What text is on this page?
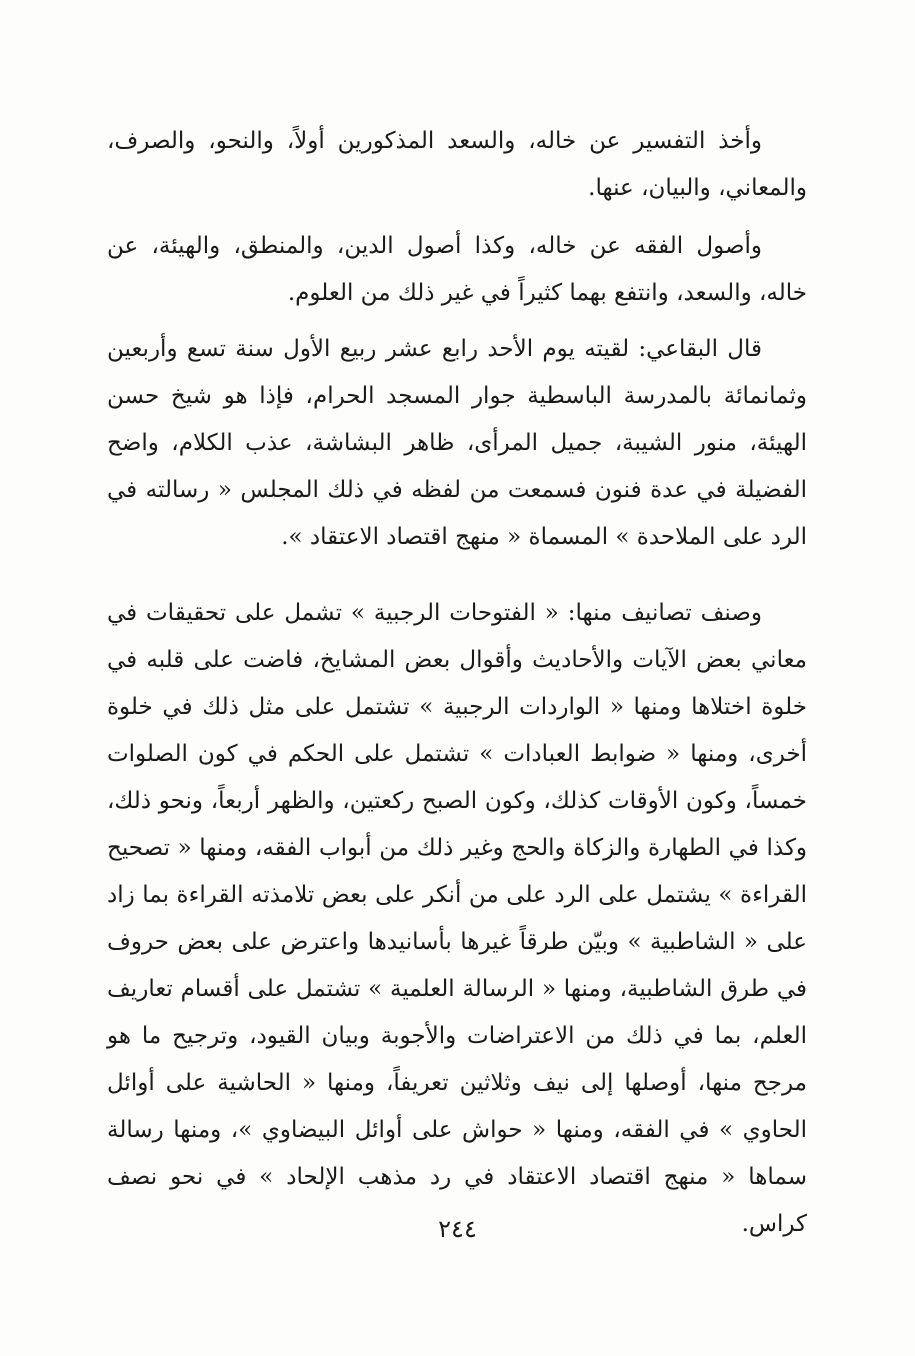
وأخذ التفسير عن خاله، والسعد المذكورين أولاً، والنحو، والصرف، والمعاني، والبيان، عنها.

وأصول الفقه عن خاله، وكذا أصول الدين، والمنطق، والهيئة، عن خاله، والسعد، وانتفع بهما كثيراً في غير ذلك من العلوم.

قال البقاعي: لقيته يوم الأحد رابع عشر ربيع الأول سنة تسع وأربعين وثمانمائة بالمدرسة الباسطية جوار المسجد الحرام، فإذا هو شيخ حسن الهيئة، منور الشيبة، جميل المرأى، ظاهر البشاشة، عذب الكلام، واضح الفضيلة في عدة فنون فسمعت من لفظه في ذلك المجلس « رسالته في الرد على الملاحدة » المسماة « منهج اقتصاد الاعتقاد ».

وصنف تصانيف منها: « الفتوحات الرجبية » تشمل على تحقيقات في معاني بعض الآيات والأحاديث وأقوال بعض المشايخ، فاضت على قلبه في خلوة اختلاها ومنها « الواردات الرجبية » تشتمل على مثل ذلك في خلوة أخرى، ومنها « ضوابط العبادات » تشتمل على الحكم في كون الصلوات خمساً، وكون الأوقات كذلك، وكون الصبح ركعتين، والظهر أربعاً، ونحو ذلك، وكذا في الطهارة والزكاة والحج وغير ذلك من أبواب الفقه، ومنها « تصحيح القراءة » يشتمل على الرد على من أنكر على بعض تلامذته القراءة بما زاد على « الشاطبية » وبيّن طرقاً غيرها بأسانيدها واعترض على بعض حروف في طرق الشاطبية، ومنها « الرسالة العلمية » تشتمل على أقسام تعاريف العلم، بما في ذلك من الاعتراضات والأجوبة وبيان القيود، وترجيح ما هو مرجح منها، أوصلها إلى نيف وثلاثين تعريفاً، ومنها « الحاشية على أوائل الحاوي » في الفقه، ومنها « حواش على أوائل البيضاوي »، ومنها رسالة سماها « منهج اقتصاد الاعتقاد في رد مذهب الإلحاد » في نحو نصف كراس.

٢٤٤
